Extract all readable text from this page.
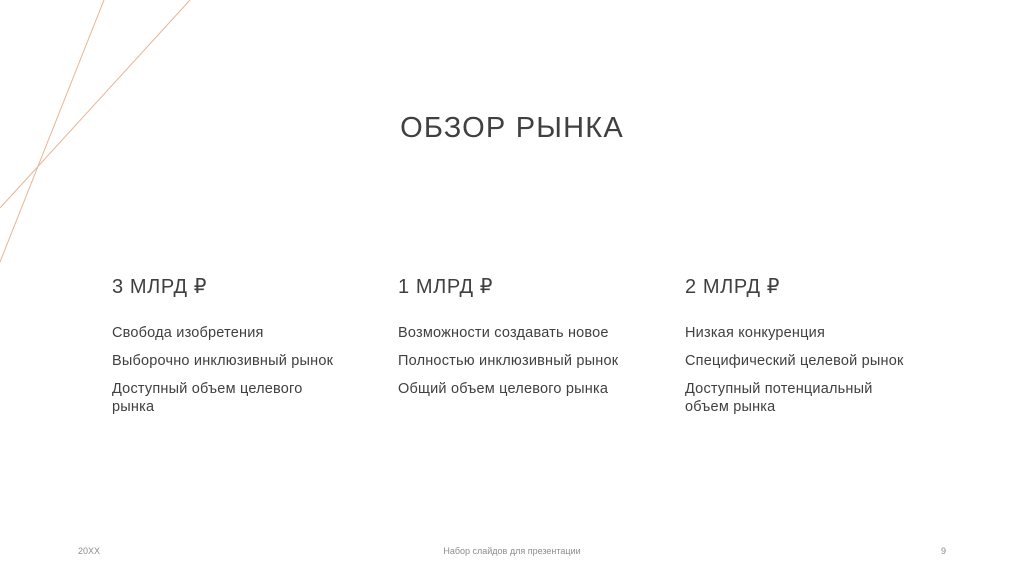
ОБЗОР РЫНКА
3 МЛРД ₽
Свобода изобретения
Выборочно инклюзивный рынок
Доступный объем целевого рынка
1 МЛРД ₽
Возможности создавать новое
Полностью инклюзивный рынок
Общий объем целевого рынка
2 МЛРД ₽
Низкая конкуренция
Специфический целевой рынок
Доступный потенциальный объем рынка
20XX	Набор слайдов для презентации	9
